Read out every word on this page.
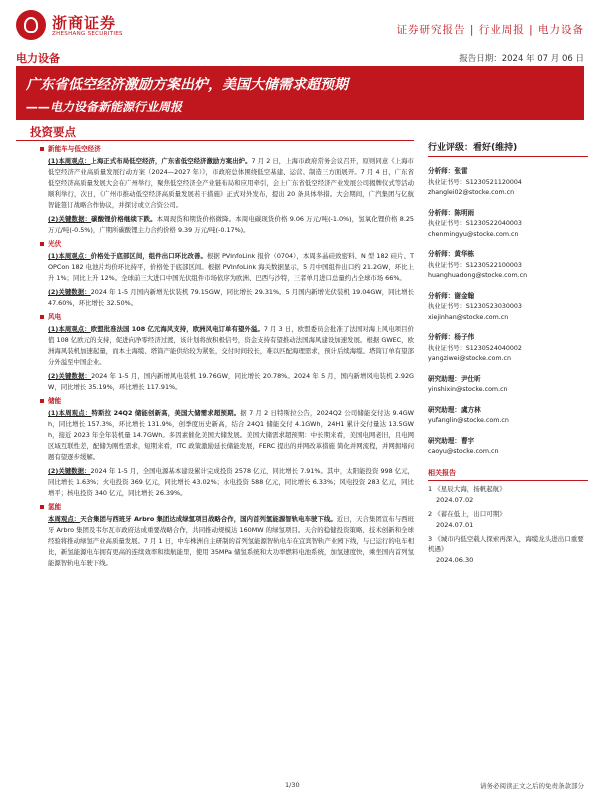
浙商证券
ZHESHANG SECURITIES	证券研究报告 | 行业周报 | 电力设备
电力设备	报告日期：2024 年 07 月 06 日
广东省低空经济激励方案出炉，美国大储需求超预期
——电力设备新能源行业周报
投资要点
新能车与低空经济
(1)本周观点：上海正式布局低空经济，广东省低空经济激励方案出炉。7 月 2 日，上海市政府常务会议召开，原则同意《上海市低空经济产业高质量发展行动方案（2024—2027 年）》，市政府总体围绕低空基建、运营、制造三方面展开。7 月 4 日，广东省低空经济高质量发展大会在广州举行，聚焦低空经济全产业链布局和应用牵引，会上广东省低空经济产业发展公司揭牌仪式等活动顺利举行，次日，《广州市推动低空经济高质量发展若干措施》正式对外发布，提出 20 条具体举措。大会期间，广汽集团与亿航智能签订战略合作协议，并探讨或立合资公司。
(2)关键数据：碳酸锂价格继续下跌。本周现货和期货价格微降。本周电碳现货价格 9.06 万元/吨(-1.0%)，氢氧化锂价格 8.25 万元/吨(-0.5%)，广期所碳酸锂主力合约价格 9.39 万元/吨(-0.17%)。
光伏
(1)本周观点：价格处于底部区间，组件出口环比改善。根据 PVInfoLink 报价（0704），本周多晶硅致密料、N 型 182 硅片、TOPCon 182 电池片均价环比持平，价格处于底部区间。根据 PVInfoLink 海关数据显示，5 月中国组件出口约 21.2GW，环比上升 1%；同比上升 12%。全球前三大进口中国光伏组件市场依序为欧洲、巴西与沙特，三者单月进口总量约占全球市场 66%。
(2)关键数据：2024 年 1-5 月国内新增光伏装机 79.15GW，同比增长 29.31%。5 月国内新增光伏装机 19.04GW，同比增长 47.60%，环比增长 32.50%。
风电
(1)本周观点：欧盟批准法国 108 亿元海风支持，欧洲风电订单有望外溢。7 月 3 日，欧盟委员会批准了法国对海上风电项目价值 108 亿欧元的支持，促进向净零经济过渡，该计划将放积极信号，资金支持有望推动法国海风建设加速发展。根据 GWEC，欧洲海风装机加速起量，而本土海缆、塔筒产能供给较为紧张，交付时间较长，难以匹配海理需求，预计后续海缆、塔筒订单有望部分外溢至中国企业。
(2)关键数据：2024 年 1-5 月，国内新增风电装机 19.76GW，同比增长 20.78%。2024 年 5 月，国内新增风电装机 2.92GW，同比增长 35.19%，环比增长 117.91%。
储能
(1)本周观点：特斯拉 24Q2 储能创新高，美国大储需求超预期。据 7 月 2 日特斯拉公告，2024Q2 公司储能交付达 9.4GWh，同比增长 157.3%，环比增长 131.9%，创季度历史新高，结合 24Q1 储能交付 4.1GWh，24H1 累计交付量达 13.5GWh，接近 2023 年全年装机量 14.7GWh。多因素催化美国大储发展。美国大储需求超预期：中长期来看，美国电网老旧，且电网区域互联性差，配储为刚性需求，短期来看，ITC 政策激励延长储能发展，FERC 提出的并网改革措施 简化并网流程，并网拥堵问题有望逐步缓解。
(2)关键数据：2024 年 1-5 月，全国电源基本建设累计完成投资 2578 亿元，同比增长 7.91%。其中，太阳能投资 998 亿元，同比增长 1.63%；火电投资 369 亿元，同比增长 43.02%；水电投资 588 亿元，同比增长 6.33%；风电投资 283 亿元，同比增平；核电投资 340 亿元，同比增长 26.39%。
氢能
本周观点：天合集团与西班牙 Arbro 集团达成绿氢项目战略合作，国内首列氢能源智轨电车驶下线。近日，天合集团宣布与西班牙 Arbro 集团及韦尔瓦市政府达成重要战略合作，共同推动规模达 160MW 的绿氢项目。天合的稳健投资策略、技术创新和全球经验将推动绿氢产业高质量发展。7 月 1 日，中车株洲自主研制的首列氢能源智轨电车在宜宾智轨产业园下线，与已运行的电车相比，新氢能源电车拥有更高的连续效率和续航能里，使用 35MPa 储氢系统和大功率燃料电池系统，加氢速度快，乘坐国内首列氢能源智轨电车驶下线。
行业评级：看好(维持)
分析师：张雷
执业证书号：S1230521120004
zhanglei02@stocke.com.cn
分析师：陈明雨
执业证书号：S1230522040003
chenmingyu@stocke.com.cn
分析师：黄华栋
执业证书号：S1230522100003
huanghuadong@stocke.com.cn
分析师：谢金翰
执业证书号：S1230523030003
xiejinhan@stocke.com.cn
分析师：杨子伟
执业证书号：S1230524040002
yangziwei@stocke.com.cn
研究助理：尹仕昕
yinshixin@stocke.com.cn
研究助理：虞方林
yufanglin@stocke.com.cn
研究助理：曹宇
caoyu@stocke.com.cn
相关报告
1 《星辰大海，扬帆起航》
2024.07.02
2 《蓄在低上，出口可期》
2024.07.01
3 《城市内低空载人探索再深入，海缆龙头进出口重要机遇》
2024.06.30
1/30	请务必阅读正文之后的免责条款部分
